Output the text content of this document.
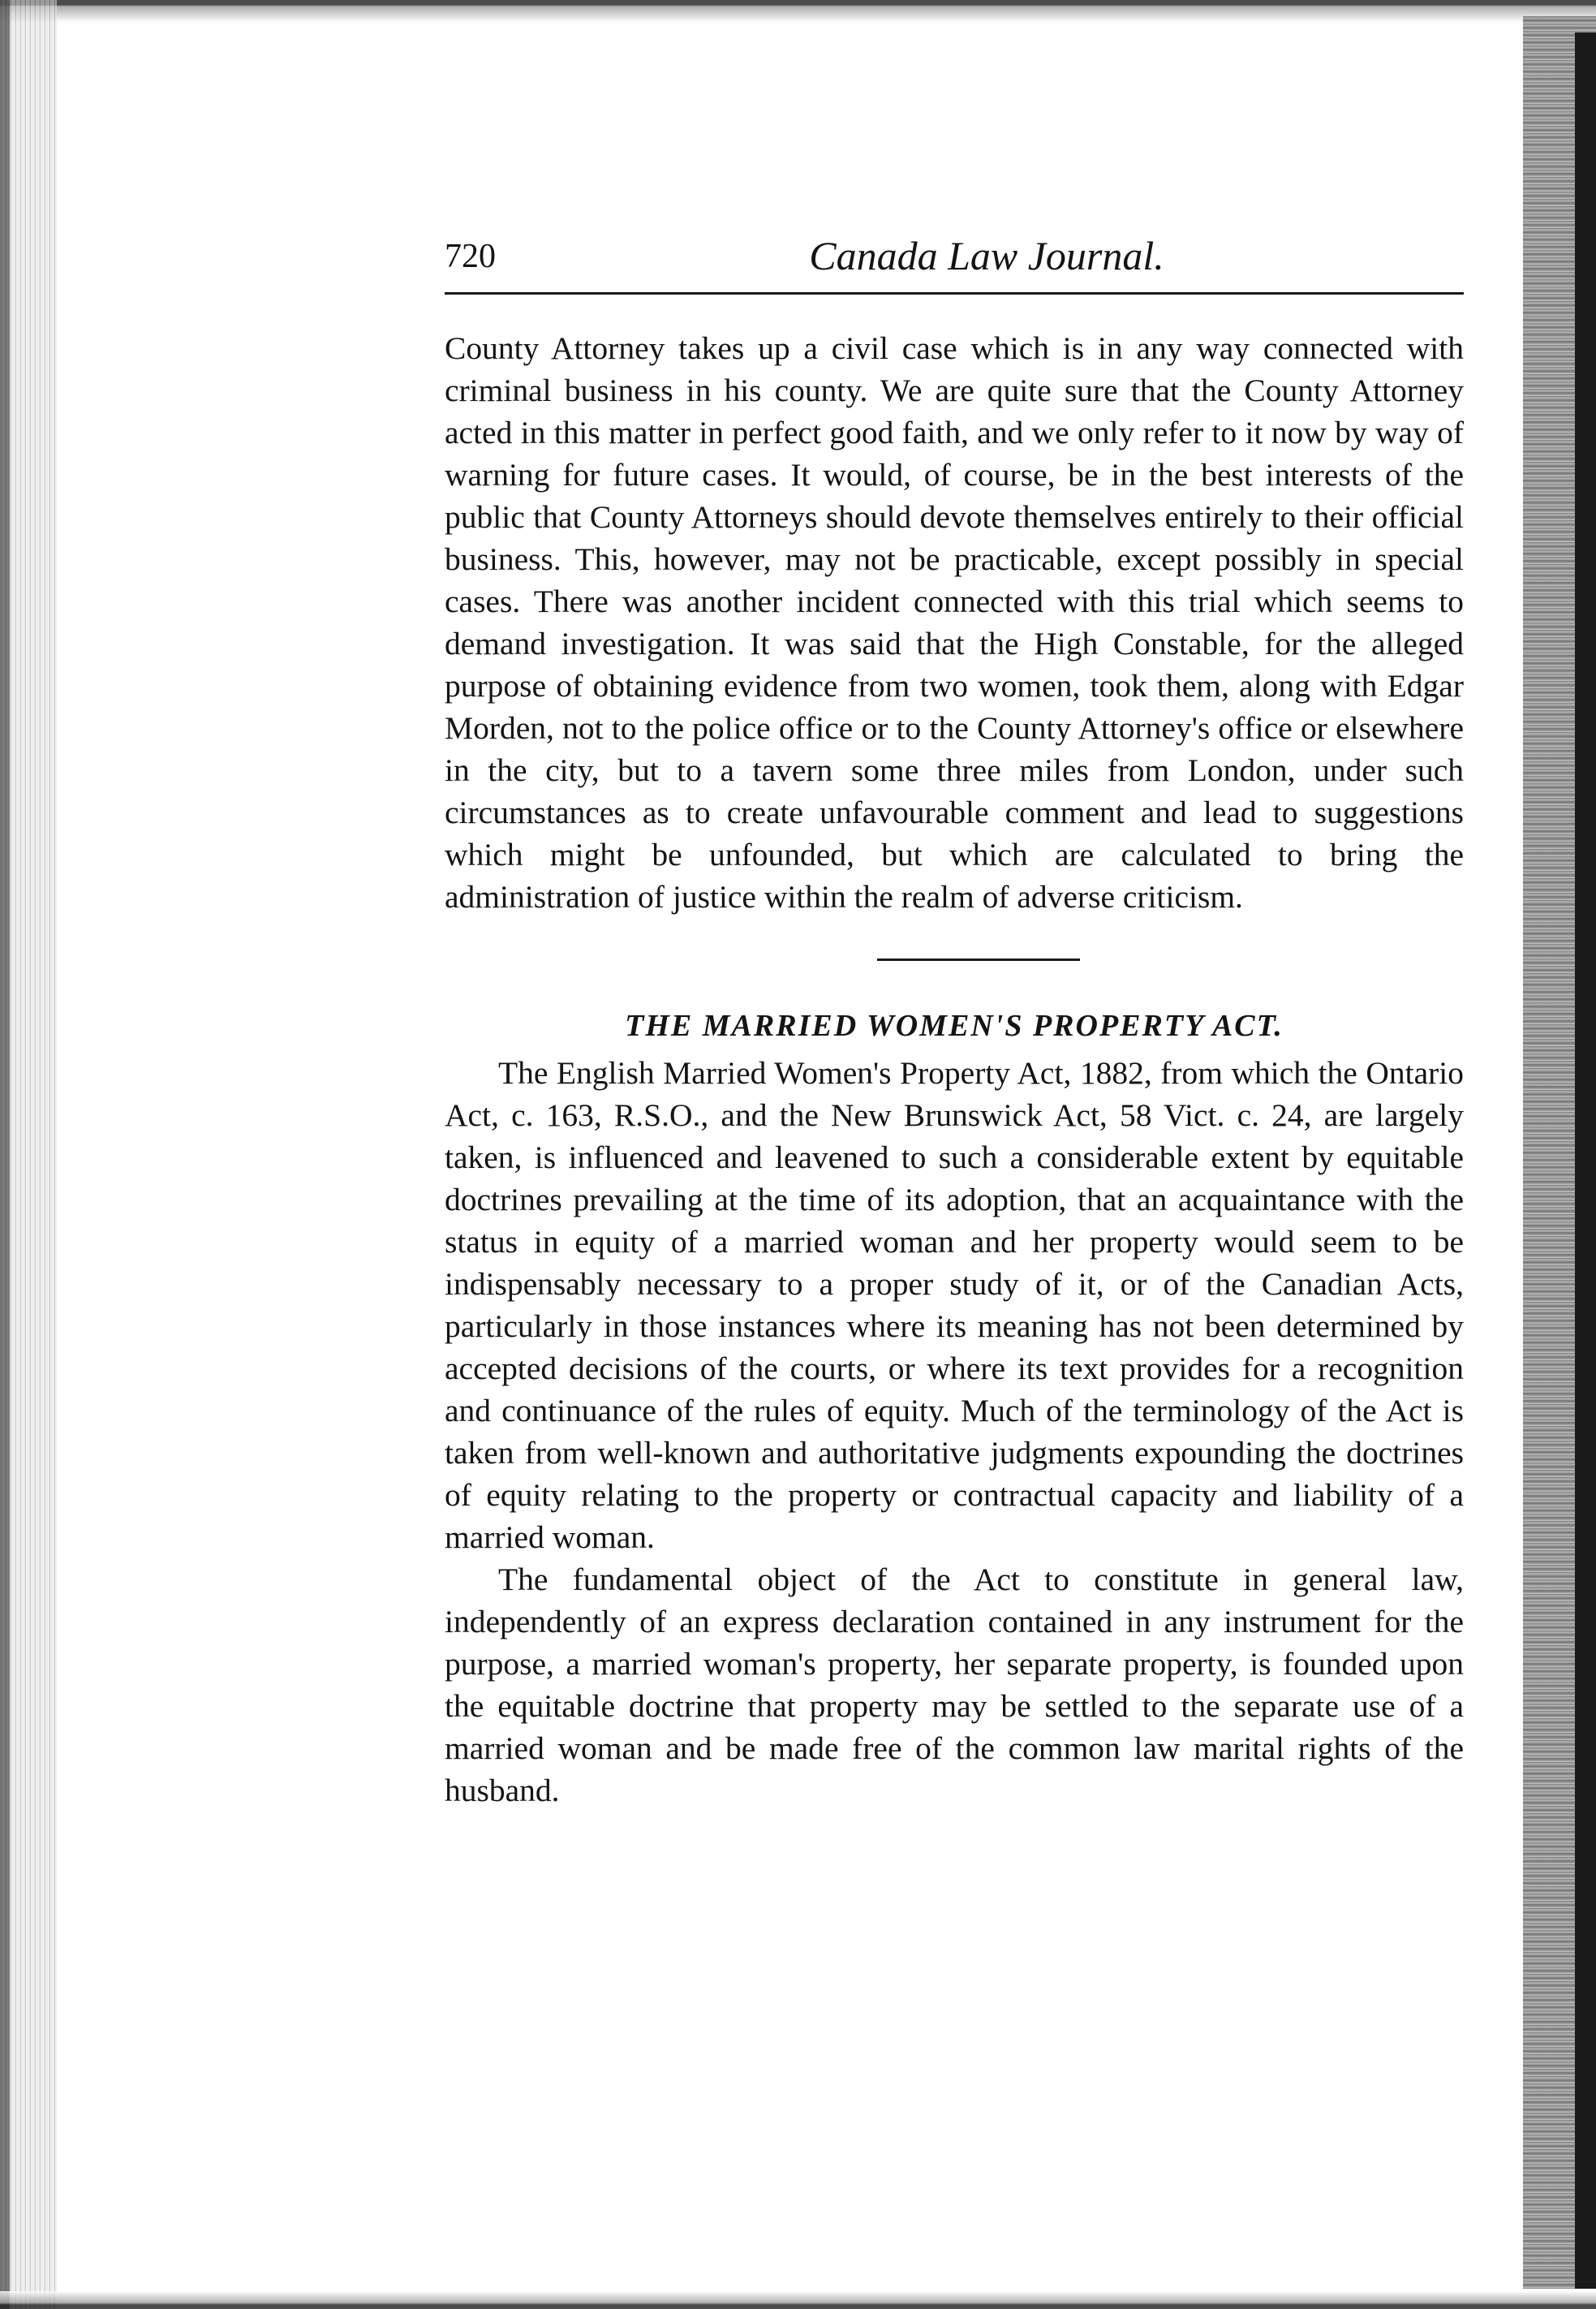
720	Canada Law Journal.

County Attorney takes up a civil case which is in any way connected with criminal business in his county. We are quite sure that the County Attorney acted in this matter in perfect good faith, and we only refer to it now by way of warning for future cases. It would, of course, be in the best interests of the public that County Attorneys should devote themselves entirely to their official business. This, however, may not be practicable, except possibly in special cases. There was another incident connected with this trial which seems to demand investigation. It was said that the High Constable, for the alleged purpose of obtaining evidence from two women, took them, along with Edgar Morden, not to the police office or to the County Attorney's office or elsewhere in the city, but to a tavern some three miles from London, under such circumstances as to create unfavourable comment and lead to suggestions which might be unfounded, but which are calculated to bring the administration of justice within the realm of adverse criticism.

THE MARRIED WOMEN'S PROPERTY ACT.

The English Married Women's Property Act, 1882, from which the Ontario Act, c. 163, R.S.O., and the New Brunswick Act, 58 Vict. c. 24, are largely taken, is influenced and leavened to such a considerable extent by equitable doctrines prevailing at the time of its adoption, that an acquaintance with the status in equity of a married woman and her property would seem to be indispensably necessary to a proper study of it, or of the Canadian Acts, particularly in those instances where its meaning has not been determined by accepted decisions of the courts, or where its text provides for a recognition and continuance of the rules of equity. Much of the terminology of the Act is taken from well-known and authoritative judgments expounding the doctrines of equity relating to the property or contractual capacity and liability of a married woman.

The fundamental object of the Act to constitute in general law, independently of an express declaration contained in any instrument for the purpose, a married woman's property, her separate property, is founded upon the equitable doctrine that property may be settled to the separate use of a married woman and be made free of the common law marital rights of the husband.
